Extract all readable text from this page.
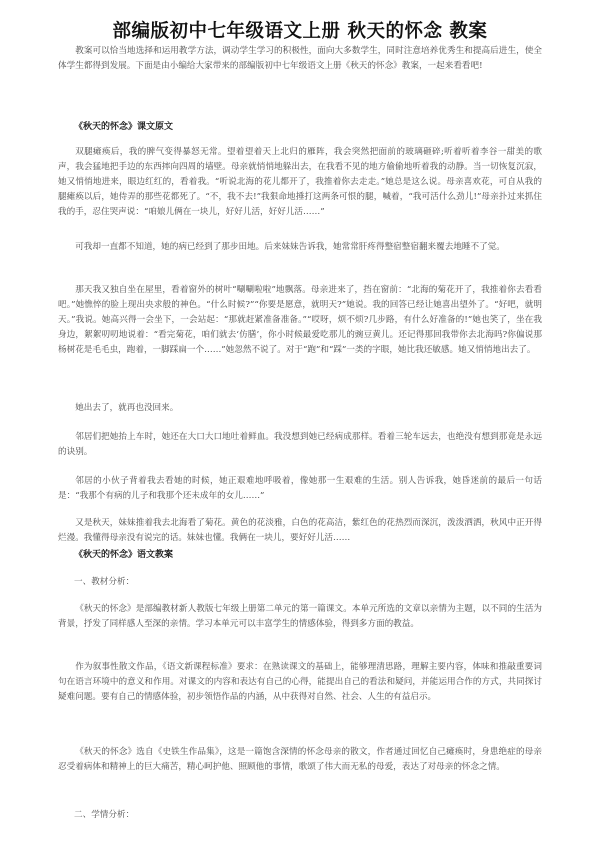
部编版初中七年级语文上册 秋天的怀念 教案

教案可以恰当地选择和运用教学方法，调动学生学习的积极性，面向大多数学生，同时注意培养优秀生和提高后进生，使全体学生都得到发展。下面是由小编给大家带来的部编版初中七年级语文上册《秋天的怀念》教案，一起来看看吧!

《秋天的怀念》课文原文

双腿瘫痪后，我的脾气变得暴怒无常。望着望着天上北归的雁阵，我会突然把面前的玻璃砸碎;听着听着李谷一甜美的歌声，我会猛地把手边的东西摔向四周的墙壁。母亲就悄悄地躲出去，在我看不见的地方偷偷地听着我的动静。当一切恢复沉寂，她又悄悄地进来，眼边红红的，看着我。“听说北海的花儿都开了，我推着你去走走。”她总是这么说。母亲喜欢花，可自从我的腿瘫痪以后，她侍弄的那些花都死了。“不，我不去!”我狠命地捶打这两条可恨的腿，喊着，“我可活什么劲儿!”母亲扑过来抓住我的手，忍住哭声说：“咱娘儿俩在一块儿，好好儿活，好好儿活……”

可我却一直都不知道，她的病已经到了那步田地。后来妹妹告诉我，她常常肝疼得整宿整宿翻来覆去地睡不了觉。

那天我又独自坐在屋里，看着窗外的树叶“唰唰啦啦”地飘落。母亲进来了，挡在窗前：“北海的菊花开了，我推着你去看看吧。”她憔悴的脸上现出央求般的神色。“什么时候?”“你要是愿意，就明天?”她说。我的回答已经让她喜出望外了。“好吧，就明天。”我说。她高兴得一会坐下，一会站起：“那就赶紧准备准备。”“哎呀，烦不烦?几步路，有什么好准备的!”她也笑了，坐在我身边，絮絮叨叨地说着：“看完菊花，咱们就去‘仿膳’，你小时候最爱吃那儿的豌豆黄儿。还记得那回我带你去北海吗?你偏说那杨树花是毛毛虫，跑着，一脚踩扁一个……”她忽然不说了。对于“跑”和“踩”一类的字眼，她比我还敏感。她又悄悄地出去了。

她出去了，就再也没回来。

邻居们把她抬上车时，她还在大口大口地吐着鲜血。我没想到她已经病成那样。看着三轮车远去，也绝没有想到那竟是永远的诀别。

邻居的小伙子背着我去看她的时候，她正艰难地呼吸着，像她那一生艰难的生活。别人告诉我，她昏迷前的最后一句话是：“我那个有病的儿子和我那个还未成年的女儿……”

又是秋天，妹妹推着我去北海看了菊花。黄色的花淡雅，白色的花高洁，紫红色的花热烈而深沉，泼泼洒洒，秋风中正开得烂漫。我懂得母亲没有说完的话。妹妹也懂。我俩在一块儿，要好好儿活……

《秋天的怀念》语文教案

一、教材分析：

《秋天的怀念》是部编教材新人教版七年级上册第二单元的第一篇课文。本单元所选的文章以亲情为主题，以不同的生活为背景，抒发了同样感人至深的亲情。学习本单元可以丰富学生的情感体验，得到多方面的教益。

作为叙事性散文作品，《语文新课程标准》要求：在熟读课文的基础上，能够理清思路，理解主要内容，体味和推敲重要词句在语言环境中的意义和作用。对课文的内容和表达有自己的心得，能提出自己的看法和疑问，并能运用合作的方式，共同探讨疑难问题。要有自己的情感体验，初步领悟作品的内涵，从中获得对自然、社会、人生的有益启示。

《秋天的怀念》选自《史铁生作品集》，这是一篇饱含深情的怀念母亲的散文，作者通过回忆自己瘫痪时，身患绝症的母亲忍受着病体和精神上的巨大痛苦，精心呵护他、照顾他的事情，歌颂了伟大而无私的母爱，表达了对母亲的怀念之情。

二、学情分析：
